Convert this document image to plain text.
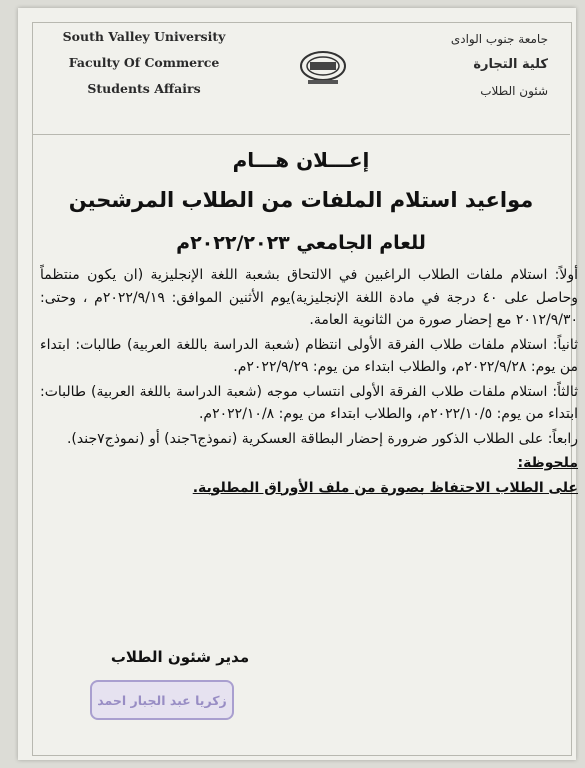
South Valley University
Faculty Of Commerce
Students Affairs
جامعة جنوب الوادى
كلية التجارة
شئون الطلاب
إعـــلان هـــام
مواعيد استلام الملفات من الطلاب المرشحين
للعام الجامعي ٢٠٢٢/٢٠٢٣م

أولاً: استلام ملفات الطلاب الراغبين في الالتحاق بشعبة اللغة الإنجليزية (ان يكون منتظماً وحاصل على ٤٠ درجة في مادة اللغة الإنجليزية)يوم الأثنين الموافق: ٢٠٢٢/٩/١٩م ، وحتى: ٢٠١٢/٩/٣٠ مع إحضار صورة من الثانوية العامة.

ثانياً: استلام ملفات طلاب الفرقة الأولى انتظام (شعبة الدراسة باللغة العربية) طالبات: ابتداء من يوم: ٢٠٢٢/٩/٢٨م، والطلاب ابتداء من يوم: ٢٠٢٢/٩/٢٩م.

ثالثاً: استلام ملفات طلاب الفرقة الأولى انتساب موجه (شعبة الدراسة باللغة العربية) طالبات: ابتداء من يوم: ٢٠٢٢/١٠/٥م، والطلاب ابتداء من يوم: ٢٠٢٢/١٠/٨م.

رابعاً: على الطلاب الذكور ضرورة إحضار البطاقة العسكرية (نموذج٦جند) أو (نموذج٧جند).

ملحوظة:

على الطلاب الاحتفاظ بصورة من ملف الأوراق المطلوبة.

مدير شئون الطلاب
زكريا عبد الجبار احمد
